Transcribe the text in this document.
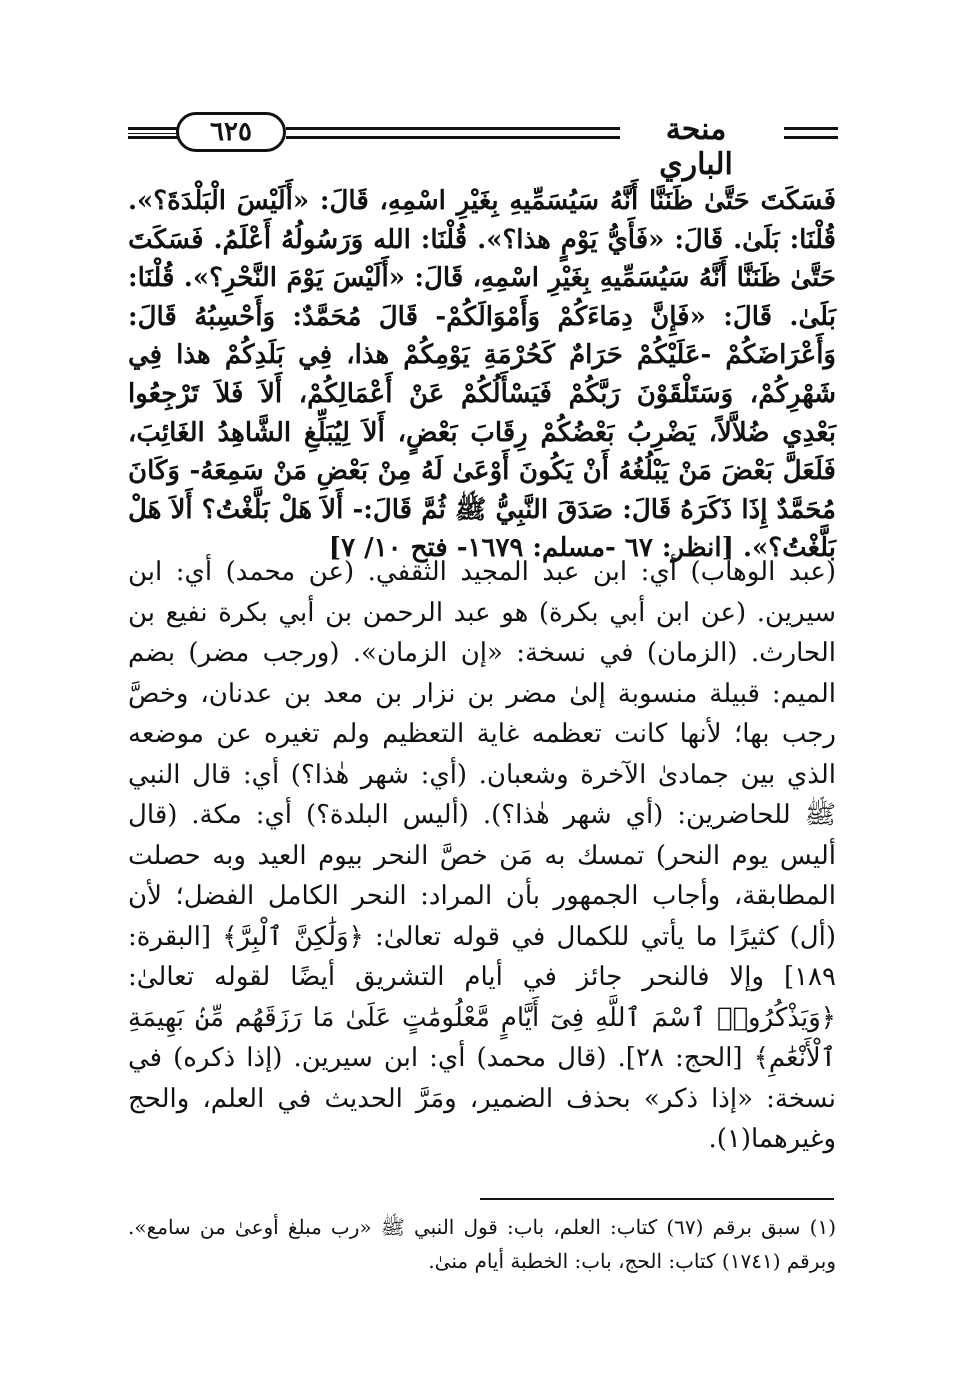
٦٢٥	منحة الباري

فَسَكَتَ حَتَّىٰ ظَنَنَّا أَنَّهُ سَيُسَمِّيهِ بِغَيْرِ اسْمِهِ، قَالَ: «أَلَيْسَ الْبَلْدَةَ؟». قُلْنَا: بَلَىٰ. قَالَ: «فَأَيُّ يَوْمٍ هذا؟». قُلْنَا: الله وَرَسُولُهُ أَعْلَمُ. فَسَكَتَ حَتَّىٰ ظَنَنَّا أَنَّهُ سَيُسَمِّيهِ بِغَيْرِ اسْمِهِ، قَالَ: «أَلَيْسَ يَوْمَ النَّحْرِ؟». قُلْنَا: بَلَىٰ. قَالَ: «فَإِنَّ دِمَاءَكُمْ وَأَمْوَالَكُمْ- قَالَ مُحَمَّدٌ: وَأَحْسِبُهُ قَالَ: وَأَعْرَاضَكُمْ -عَلَيْكُمْ حَرَامٌ كَحُرْمَةِ يَوْمِكُمْ هذا، فِي بَلَدِكُمْ هذا فِي شَهْرِكُمْ، وَسَتَلْقَوْنَ رَبَّكُمْ فَيَسْأَلُكُمْ عَنْ أَعْمَالِكُمْ، أَلاَ فَلاَ تَرْجِعُوا بَعْدِي ضُلاَّلاً، يَضْرِبُ بَعْضُكُمْ رِقَابَ بَعْضٍ، أَلاَ لِيُبَلِّغِ الشَّاهِدُ الغَائِبَ، فَلَعَلَّ بَعْضَ مَنْ يَبْلُغُهُ أَنْ يَكُونَ أَوْعَىٰ لَهُ مِنْ بَعْضِ مَنْ سَمِعَهُ- وَكَانَ مُحَمَّدٌ إِذَا ذَكَرَهُ قَالَ: صَدَقَ النَّبِيُّ ﷺ ثُمَّ قَالَ:- أَلاَ هَلْ بَلَّغْتُ؟ أَلاَ هَلْ بَلَّغْتُ؟». [انظر: ٦٧ -مسلم: ١٦٧٩- فتح ١٠/ ٧]

(عبد الوهاب) أي: ابن عبد المجيد الثقفي. (عن محمد) أي: ابن سيرين. (عن ابن أبي بكرة) هو عبد الرحمن بن أبي بكرة نفيع بن الحارث. (الزمان) في نسخة: «إن الزمان». (ورجب مضر) بضم الميم: قبيلة منسوبة إلىٰ مضر بن نزار بن معد بن عدنان، وخصَّ رجب بها؛ لأنها كانت تعظمه غاية التعظيم ولم تغيره عن موضعه الذي بين جمادىٰ الآخرة وشعبان. (أي: شهر هٰذا؟) أي: قال النبي ﷺ للحاضرين: (أي شهر هٰذا؟). (أليس البلدة؟) أي: مكة. (قال أليس يوم النحر) تمسك به مَن خصَّ النحر بيوم العيد وبه حصلت المطابقة، وأجاب الجمهور بأن المراد: النحر الكامل الفضل؛ لأن (أل) كثيرًا ما يأتي للكمال في قوله تعالىٰ: ﴿وَلَٰكِنَّ ٱلْبِرَّ﴾ [البقرة: ١٨٩] وإلا فالنحر جائز في أيام التشريق أيضًا لقوله تعالىٰ: ﴿وَيَذْكُرُوا۟ ٱسْمَ ٱللَّهِ فِىٓ أَيَّامٍ مَّعْلُومَٰتٍ عَلَىٰ مَا رَزَقَهُم مِّنۢ بَهِيمَةِ ٱلْأَنْعَٰمِ﴾ [الحج: ٢٨]. (قال محمد) أي: ابن سيرين. (إذا ذكره) في نسخة: «إذا ذكر» بحذف الضمير، ومَرَّ الحديث في العلم، والحج وغيرهما(١).

(١) سبق برقم (٦٧) كتاب: العلم، باب: قول النبي ﷺ «رب مبلغ أوعىٰ من سامع». وبرقم (١٧٤١) كتاب: الحج، باب: الخطبة أيام منىٰ.
